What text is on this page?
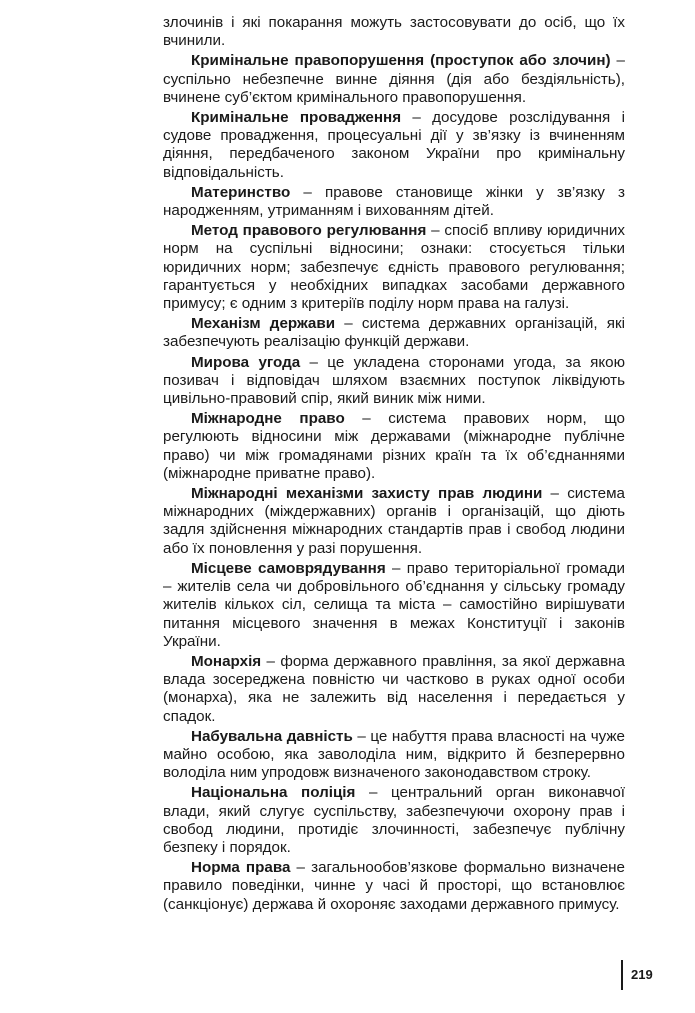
злочинів і які покарання можуть застосовувати до осіб, що їх вчинили.

Кримінальне правопорушення (проступок або злочин) – суспільно небезпечне винне діяння (дія або бездіяльність), вчинене суб’єктом кримінального правопорушення.

Кримінальне провадження – досудове розслідування і судове провадження, процесуальні дії у зв’язку із вчиненням діяння, передбаченого законом України про кримінальну відповідальність.

Материнство – правове становище жінки у зв’язку з народженням, утриманням і вихованням дітей.

Метод правового регулювання – спосіб впливу юридичних норм на суспільні відносини; ознаки: стосується тільки юридичних норм; забезпечує єдність правового регулювання; гарантується у необхідних випадках засобами державного примусу; є одним з критеріїв поділу норм права на галузі.

Механізм держави – система державних організацій, які забезпечують реалізацію функцій держави.

Мирова угода – це укладена сторонами угода, за якою позивач і відповідач шляхом взаємних поступок ліквідують цивільно-правовий спір, який виник між ними.

Міжнародне право – система правових норм, що регулюють відносини між державами (міжнародне публічне право) чи між громадянами різних країн та їх об’єднаннями (міжнародне приватне право).

Міжнародні механізми захисту прав людини – система міжнародних (міждержавних) органів і організацій, що діють задля здійснення міжнародних стандартів прав і свобод людини або їх поновлення у разі порушення.

Місцеве самоврядування – право територіальної громади – жителів села чи добровільного об’єднання у сільську громаду жителів кількох сіл, селища та міста – самостійно вирішувати питання місцевого значення в межах Конституції і законів України.

Монархія – форма державного правління, за якої державна влада зосереджена повністю чи частково в руках одної особи (монарха), яка не залежить від населення і передається у спадок.

Набувальна давність – це набуття права власності на чуже майно особою, яка заволоділа ним, відкрито й безперервно володіла ним упродовж визначеного законодавством строку.

Національна поліція – центральний орган виконавчої влади, який слугує суспільству, забезпечуючи охорону прав і свобод людини, протидіє злочинності, забезпечує публічну безпеку і порядок.

Норма права – загальнообов’язкове формально визначене правило поведінки, чинне у часі й просторі, що встановлює (санкціонує) держава й охороняє заходами державного примусу.

219
